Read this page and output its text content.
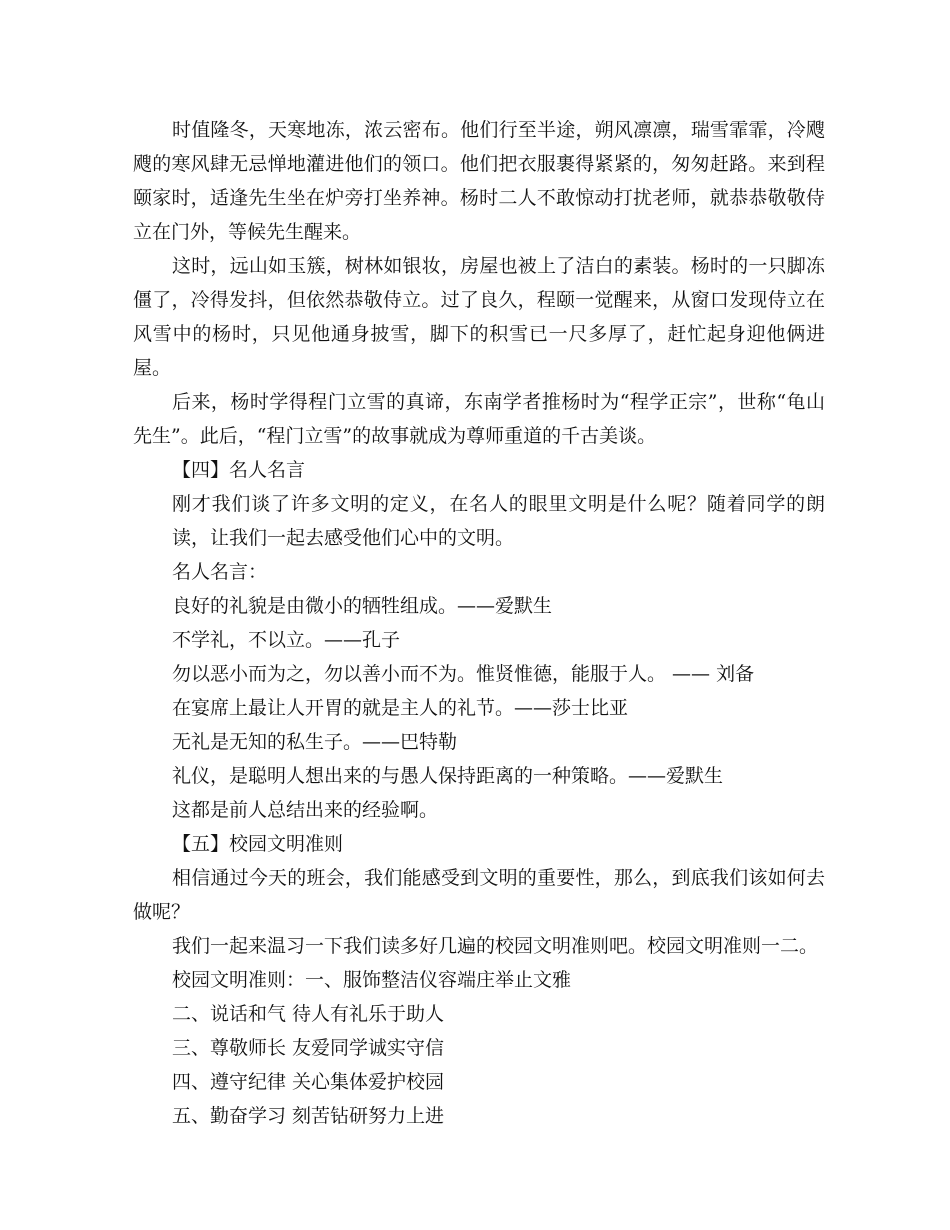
时值隆冬，天寒地冻，浓云密布。他们行至半途，朔风凛凛，瑞雪霏霏，冷飕飕的寒风肆无忌惮地灌进他们的领口。他们把衣服裹得紧紧的，匆匆赶路。来到程颐家时，适逢先生坐在炉旁打坐养神。杨时二人不敢惊动打扰老师，就恭恭敬敬侍立在门外，等候先生醒来。

这时，远山如玉簇，树林如银妆，房屋也被上了洁白的素装。杨时的一只脚冻僵了，冷得发抖，但依然恭敬侍立。过了良久，程颐一觉醒来，从窗口发现侍立在风雪中的杨时，只见他通身披雪，脚下的积雪已一尺多厚了，赶忙起身迎他俩进屋。

后来，杨时学得程门立雪的真谛，东南学者推杨时为“程学正宗”，世称“龟山先生”。此后，“程门立雪”的故事就成为尊师重道的千古美谈。

【四】名人名言

刚才我们谈了许多文明的定义，在名人的眼里文明是什么呢？随着同学的朗读，让我们一起去感受他们心中的文明。

名人名言：

良好的礼貌是由微小的牺牲组成。——爱默生

不学礼，不以立。——孔子

勿以恶小而为之，勿以善小而不为。惟贤惟德，能服于人。 —— 刘备

在宴席上最让人开胃的就是主人的礼节。——莎士比亚

无礼是无知的私生子。——巴特勒

礼仪，是聪明人想出来的与愚人保持距离的一种策略。——爱默生

这都是前人总结出来的经验啊。

【五】校园文明准则

相信通过今天的班会，我们能感受到文明的重要性，那么，到底我们该如何去做呢？

我们一起来温习一下我们读多好几遍的校园文明准则吧。校园文明准则一二。

校园文明准则：一、服饰整洁仪容端庄举止文雅

二、说话和气 待人有礼乐于助人

三、尊敬师长 友爱同学诚实守信

四、遵守纪律 关心集体爱护校园

五、勤奋学习 刻苦钻研努力上进
